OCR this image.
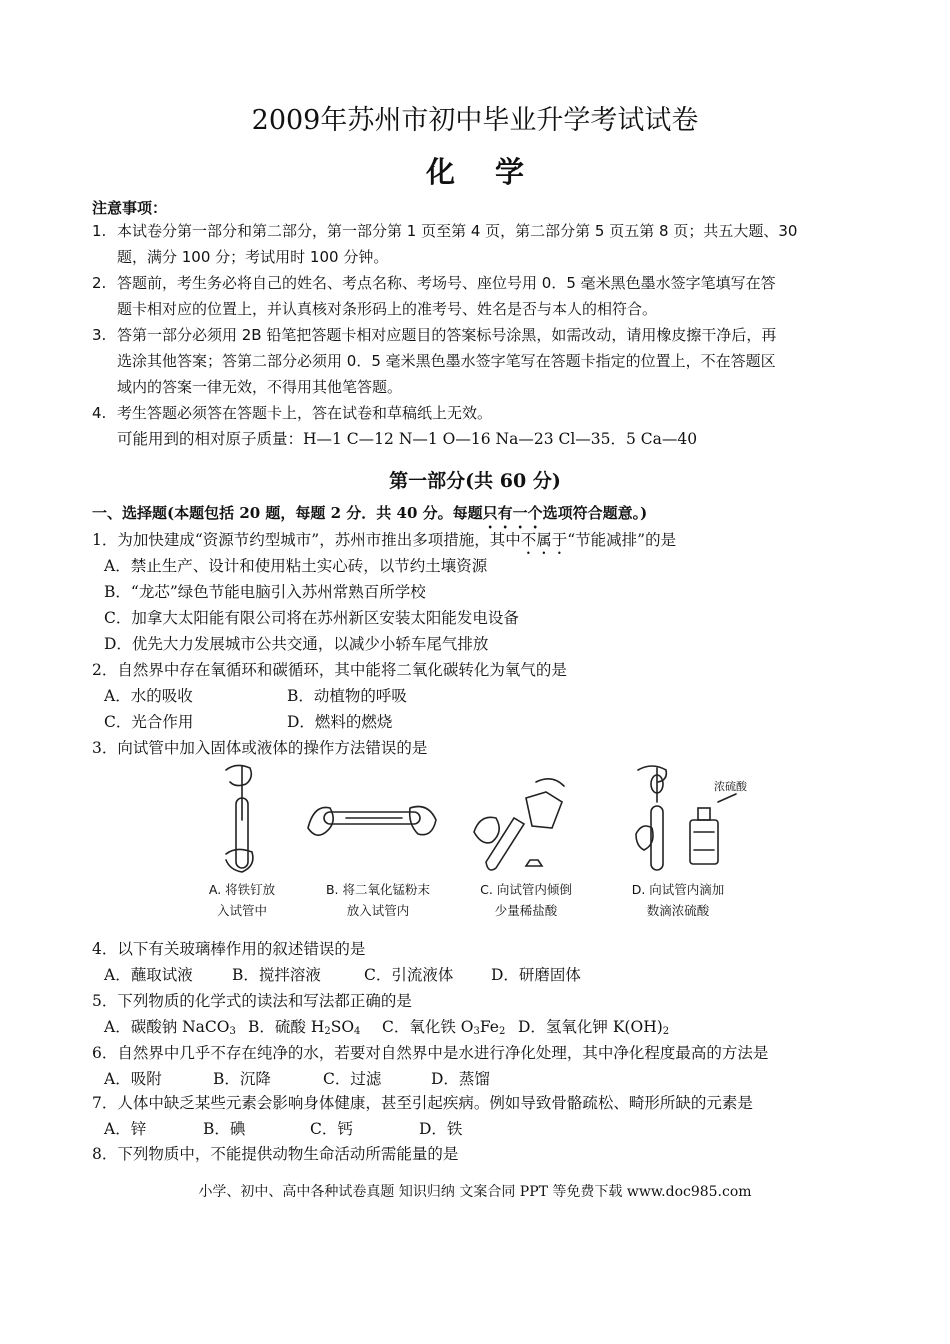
2009年苏州市初中毕业升学考试试卷
化学
注意事项：
1. 本试卷分第一部分和第二部分，第一部分第 1 页至第 4 页，第二部分第 5 页五第 8 页；共五大题、30
题，满分 100 分；考试用时 100 分钟。
2. 答题前，考生务必将自己的姓名、考点名称、考场号、座位号用 0．5 毫米黑色墨水签字笔填写在答
题卡相对应的位置上，并认真核对条形码上的准考号、姓名是否与本人的相符合。
3. 答第一部分必须用 2B 铅笔把答题卡相对应题目的答案标号涂黑，如需改动，请用橡皮擦干净后，再
选涂其他答案；答第二部分必须用 0．5 毫米黑色墨水签字笔写在答题卡指定的位置上，不在答题区
域内的答案一律无效，不得用其他笔答题。
4. 考生答题必须答在答题卡上，答在试卷和草稿纸上无效。
可能用到的相对原子质量：H—1 C—12 N—1 O—16 Na—23 Cl—35．5 Ca—40
第一部分(共 60 分)
一、选择题(本题包括 20 题，每题 2 分．共 40 分。每题只有一个选项符合题意。)
1．为加快建成“资源节约型城市”，苏州市推出多项措施，其中不属于“节能减排”的是
A．禁止生产、设计和使用粘土实心砖，以节约土壤资源
B．“龙芯”绿色节能电脑引入苏州常熟百所学校
C．加拿大太阳能有限公司将在苏州新区安装太阳能发电设备
D．优先大力发展城市公共交通，以减少小轿车尾气排放
2．自然界中存在氧循环和碳循环，其中能将二氧化碳转化为氧气的是
A．水的吸收	B．动植物的呼吸
C．光合作用	D．燃料的燃烧
3．向试管中加入固体或液体的操作方法错误的是
浓硫酸
A. 将铁钉放
入试管中
B. 将二氧化锰粉末
放入试管内
C. 向试管内倾倒
少量稀盐酸
D. 向试管内滴加
数滴浓硫酸
4．以下有关玻璃棒作用的叙述错误的是
A．蘸取试液	B．搅拌溶液	C．引流液体 D．研磨固体
5．下列物质的化学式的读法和写法都正确的是
A．碳酸钠 NaCO$_3$ B．硫酸 $H_2SO_4$ C．氧化铁 $O_3Fe_2$ D．氢氧化钾 $K(OH)_2$
6．自然界中几乎不存在纯净的水，若要对自然界中是水进行净化处理，其中净化程度最高的方法是
A．吸附	B．沉降	C．过滤	D．蒸馏
7．人体中缺乏某些元素会影响身体健康，甚至引起疾病。例如导致骨骼疏松、畸形所缺的元素是
A．锌	B．碘	C．钙	D．铁
8．下列物质中，不能提供动物生命活动所需能量的是
小学、初中、高中各种试卷真题 知识归纳 文案合同 PPT 等免费下载 www.doc985.com
